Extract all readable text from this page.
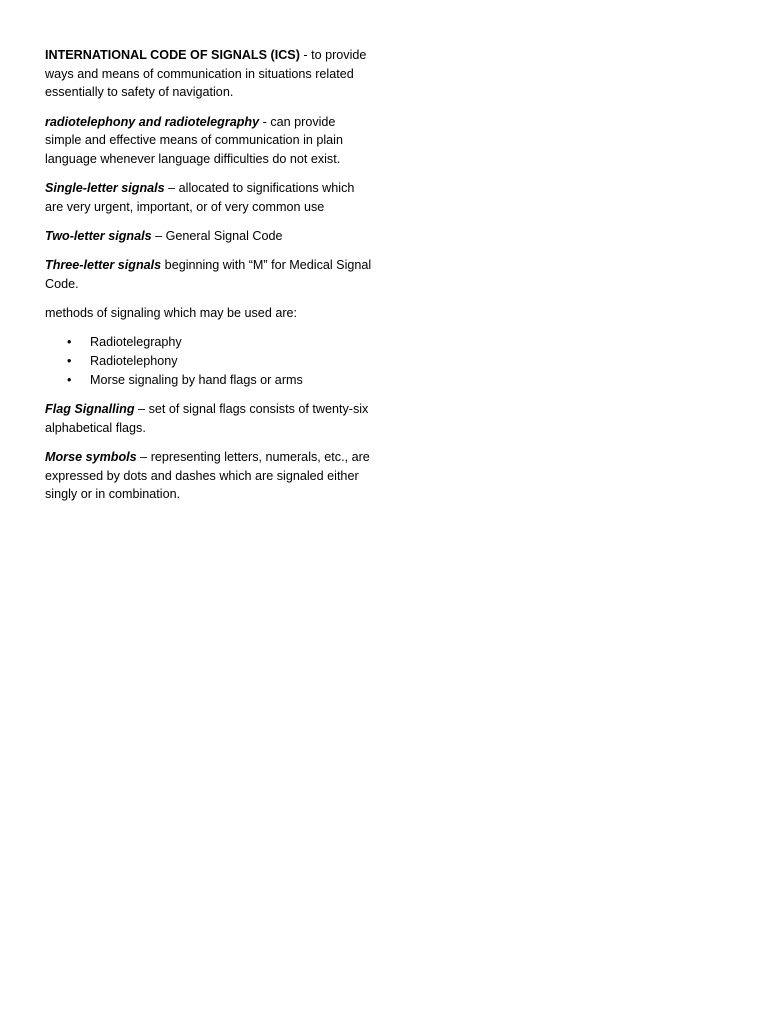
INTERNATIONAL CODE OF SIGNALS (ICS) - to provide ways and means of communication in situations related essentially to safety of navigation.

radiotelephony and radiotelegraphy - can provide simple and effective means of communication in plain language whenever language difficulties do not exist.

Single-letter signals – allocated to significations which are very urgent, important, or of very common use

Two-letter signals – General Signal Code

Three-letter signals beginning with “M” for Medical Signal Code.

methods of signaling which may be used are:

• Radiotelegraphy
• Radiotelephony
• Morse signaling by hand flags or arms

Flag Signalling – set of signal flags consists of twenty-six alphabetical flags.

Morse symbols – representing letters, numerals, etc., are expressed by dots and dashes which are signaled either singly or in combination.
